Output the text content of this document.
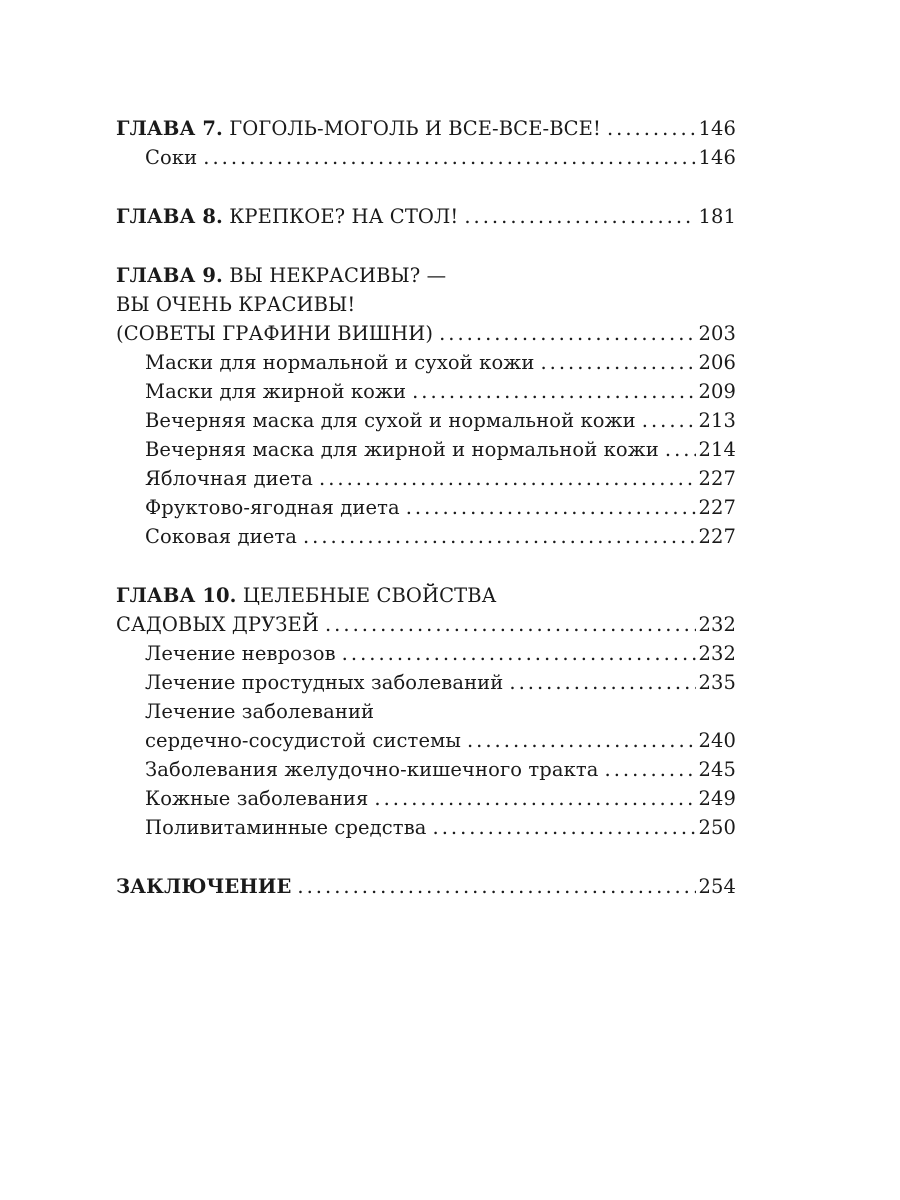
ГЛАВА 7. ГОГОЛЬ-МОГОЛЬ И ВСЕ-ВСЕ-ВСЕ! . . .	146
Соки . . .	146
ГЛАВА 8. КРЕПКОЕ? НА СТОЛ! . . .	181
ГЛАВА 9. ВЫ НЕКРАСИВЫ? —
ВЫ ОЧЕНЬ КРАСИВЫ!
(СОВЕТЫ ГРАФИНИ ВИШНИ) . . .	203
Маски для нормальной и сухой кожи . . .	206
Маски для жирной кожи . . .	209
Вечерняя маска для сухой и нормальной кожи . . .	213
Вечерняя маска для жирной и нормальной кожи . . . 214
Яблочная диета . . .	227
Фруктово-ягодная диета . . .	227
Соковая диета . . .	227
ГЛАВА 10. ЦЕЛЕБНЫЕ СВОЙСТВА
САДОВЫХ ДРУЗЕЙ . . .	232
Лечение неврозов . . .	232
Лечение простудных заболеваний . . .	235
Лечение заболеваний
сердечно-сосудистой системы . . .	240
Заболевания желудочно-кишечного тракта . . .	245
Кожные заболевания . . .	249
Поливитаминные средства . . .	250
ЗАКЛЮЧЕНИЕ . . .	254
